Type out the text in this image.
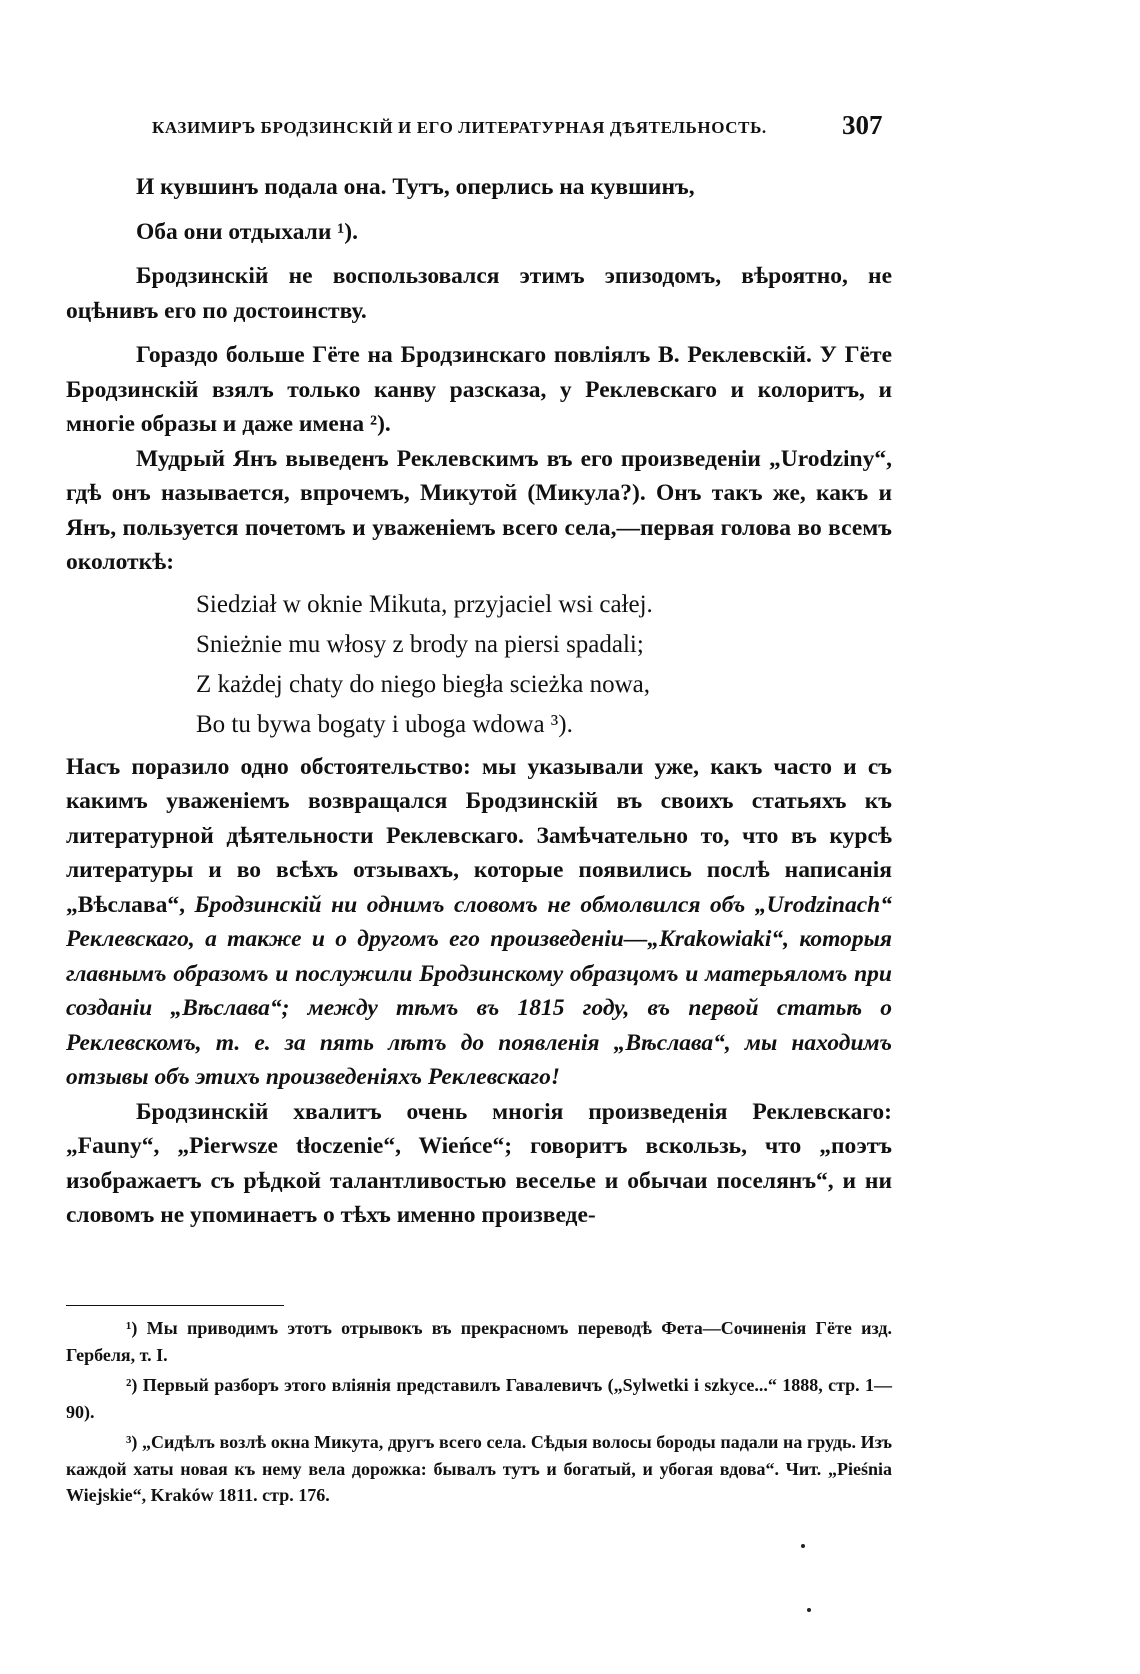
КАЗИМИРЪ БРОДЗИНСКІЙ И ЕГО ЛИТЕРАТУРНАЯ ДѢЯТЕЛЬНОСТЬ.	307

И кувшинъ подала она. Тутъ, оперлись на кувшинъ,

Оба они отдыхали ¹).

Бродзинскій не воспользовался этимъ эпизодомъ, вѣроятно, не оцѣнивъ его по достоинству.

Гораздо больше Гёте на Бродзинскаго повліялъ В. Реклевскій. У Гёте Бродзинскій взялъ только канву разсказа, у Реклевскаго и колоритъ, и многіе образы и даже имена ²).

Мудрый Янъ выведенъ Реклевскимъ въ его произведеніи „Urodziny“, гдѣ онъ называется, впрочемъ, Микутой (Микула?). Онъ такъ же, какъ и Янъ, пользуется почетомъ и уваженіемъ всего села,—первая голова во всемъ околоткѣ:

Siedział w oknie Mikuta, przyjaciel wsi całej.

Snieżnie mu włosy z brody na piersi spadali;

Z każdej chaty do niego biegła scieżka nowa,

Bo tu bywa bogaty i uboga wdowa ³).

Насъ поразило одно обстоятельство: мы указывали уже, какъ часто и съ какимъ уваженіемъ возвращался Бродзинскій въ своихъ статьяхъ къ литературной дѣятельности Реклевскаго. Замѣчательно то, что въ курсѣ литературы и во всѣхъ отзывахъ, которые появились послѣ написанія „Вѣслава“, Бродзинскій ни однимъ словомъ не обмолвился объ „Urodzinach“ Реклевскаго, а также и о другомъ его произведеніи—„Krakowiaki“, которыя главнымъ образомъ и послужили Бродзинскому образцомъ и матерьяломъ при созданіи „Вѣслава“; между тѣмъ въ 1815 году, въ первой статьѣ о Реклевскомъ, т. е. за пять лѣтъ до появленія „Вѣслава“, мы находимъ отзывы объ этихъ произведеніяхъ Реклевскаго!

Бродзинскій хвалитъ очень многія произведенія Реклевскаго: „Fauny“, „Pierwsze tłoczenie“, Wieńce“; говоритъ вскользь, что „поэтъ изображаетъ съ рѣдкой талантливостью веселье и обычаи поселянъ“, и ни словомъ не упоминаетъ о тѣхъ именно произведе-

¹) Мы приводимъ этотъ отрывокъ въ прекрасномъ переводѣ Фета—Сочиненія Гёте изд. Гербеля, т. I.

²) Первый разборъ этого вліянія представилъ Гавалевичъ („Sylwetki i szkyce...“ 1888, стр. 1—90).

³) „Сидѣлъ возлѣ окна Микута, другъ всего села. Сѣдыя волосы бороды падали на грудь. Изъ каждой хаты новая къ нему вела дорожка: бывалъ тутъ и богатый, и убогая вдова“. Чит. „Pieśnia Wiejskie“, Kraków 1811. стр. 176.
